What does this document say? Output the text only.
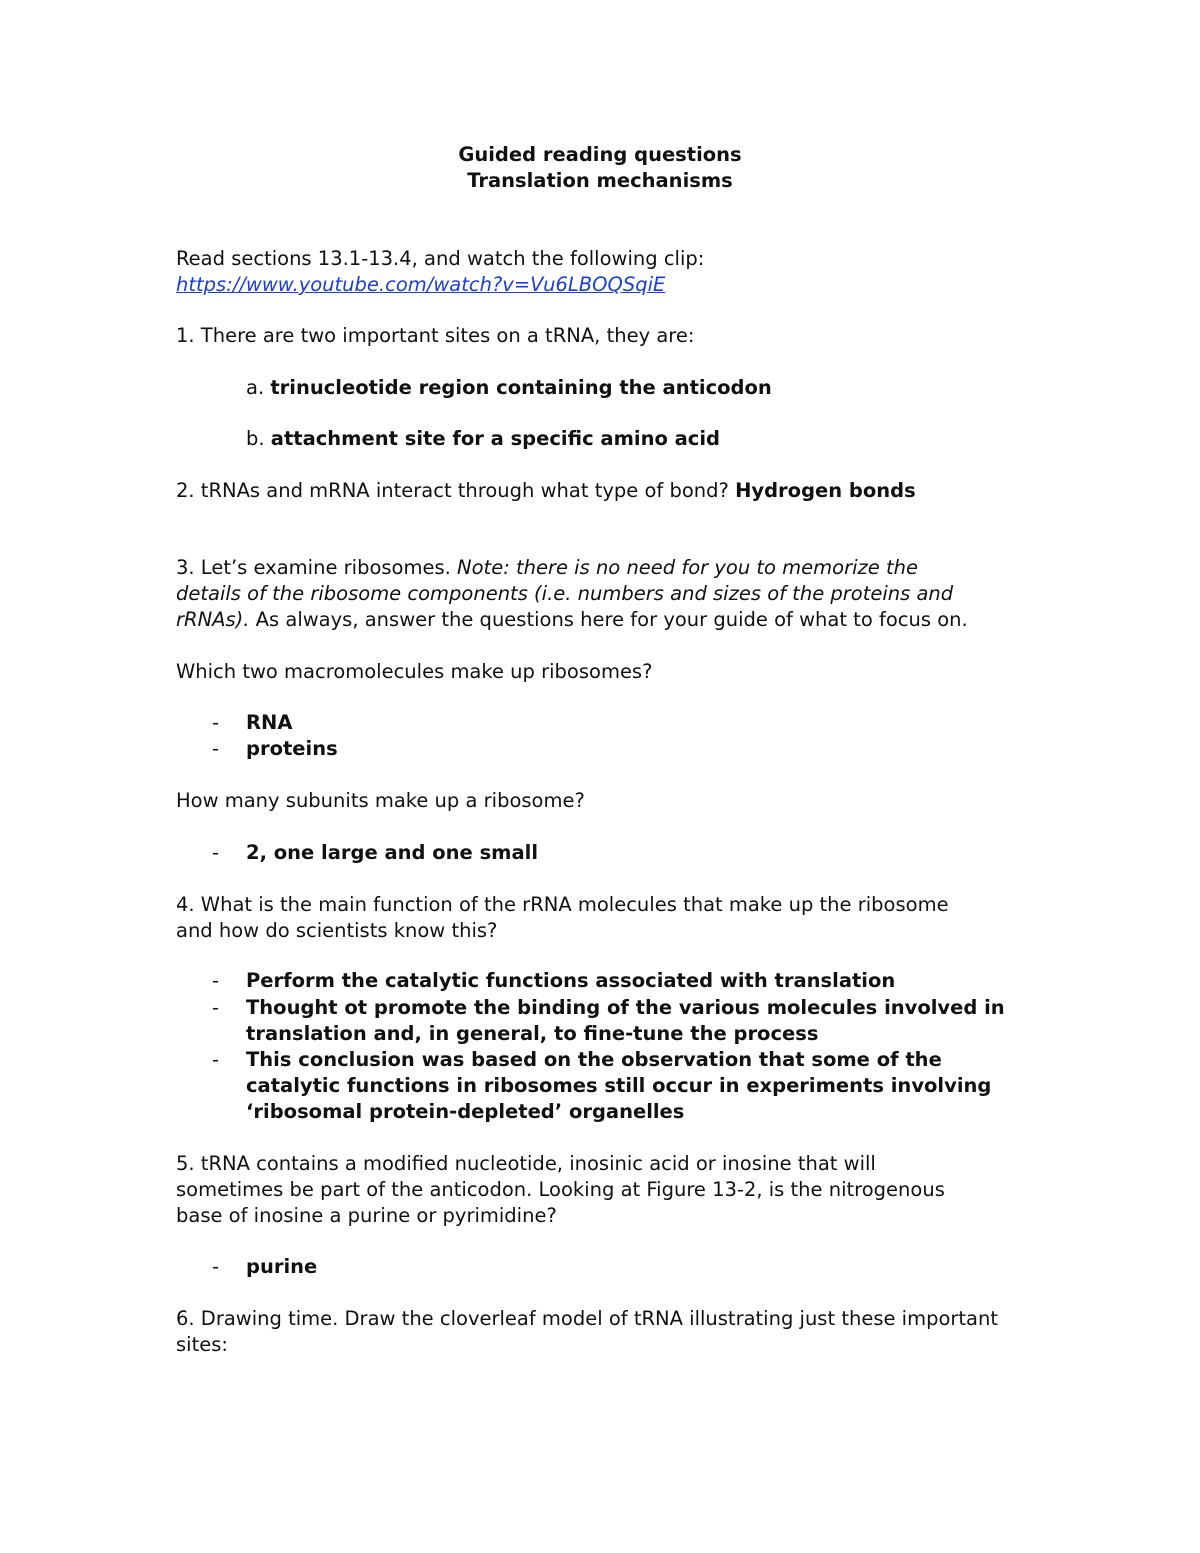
Guided reading questions
Translation mechanisms
Read sections 13.1-13.4, and watch the following clip:
https://www.youtube.com/watch?v=Vu6LBOQSqiE
1. There are two important sites on a tRNA, they are:
a. trinucleotide region containing the anticodon
b. attachment site for a specific amino acid
2. tRNAs and mRNA interact through what type of bond? Hydrogen bonds
3. Let’s examine ribosomes. Note: there is no need for you to memorize the
details of the ribosome components (i.e. numbers and sizes of the proteins and
rRNAs). As always, answer the questions here for your guide of what to focus on.
Which two macromolecules make up ribosomes?
- RNA
- proteins
How many subunits make up a ribosome?
- 2, one large and one small
4. What is the main function of the rRNA molecules that make up the ribosome
and how do scientists know this?
- Perform the catalytic functions associated with translation
- Thought ot promote the binding of the various molecules involved in translation and, in general, to fine-tune the process
- This conclusion was based on the observation that some of the catalytic functions in ribosomes still occur in experiments involving ‘ribosomal protein-depleted’ organelles
5. tRNA contains a modified nucleotide, inosinic acid or inosine that will
sometimes be part of the anticodon. Looking at Figure 13-2, is the nitrogenous
base of inosine a purine or pyrimidine?
- purine
6. Drawing time. Draw the cloverleaf model of tRNA illustrating just these important
sites:
